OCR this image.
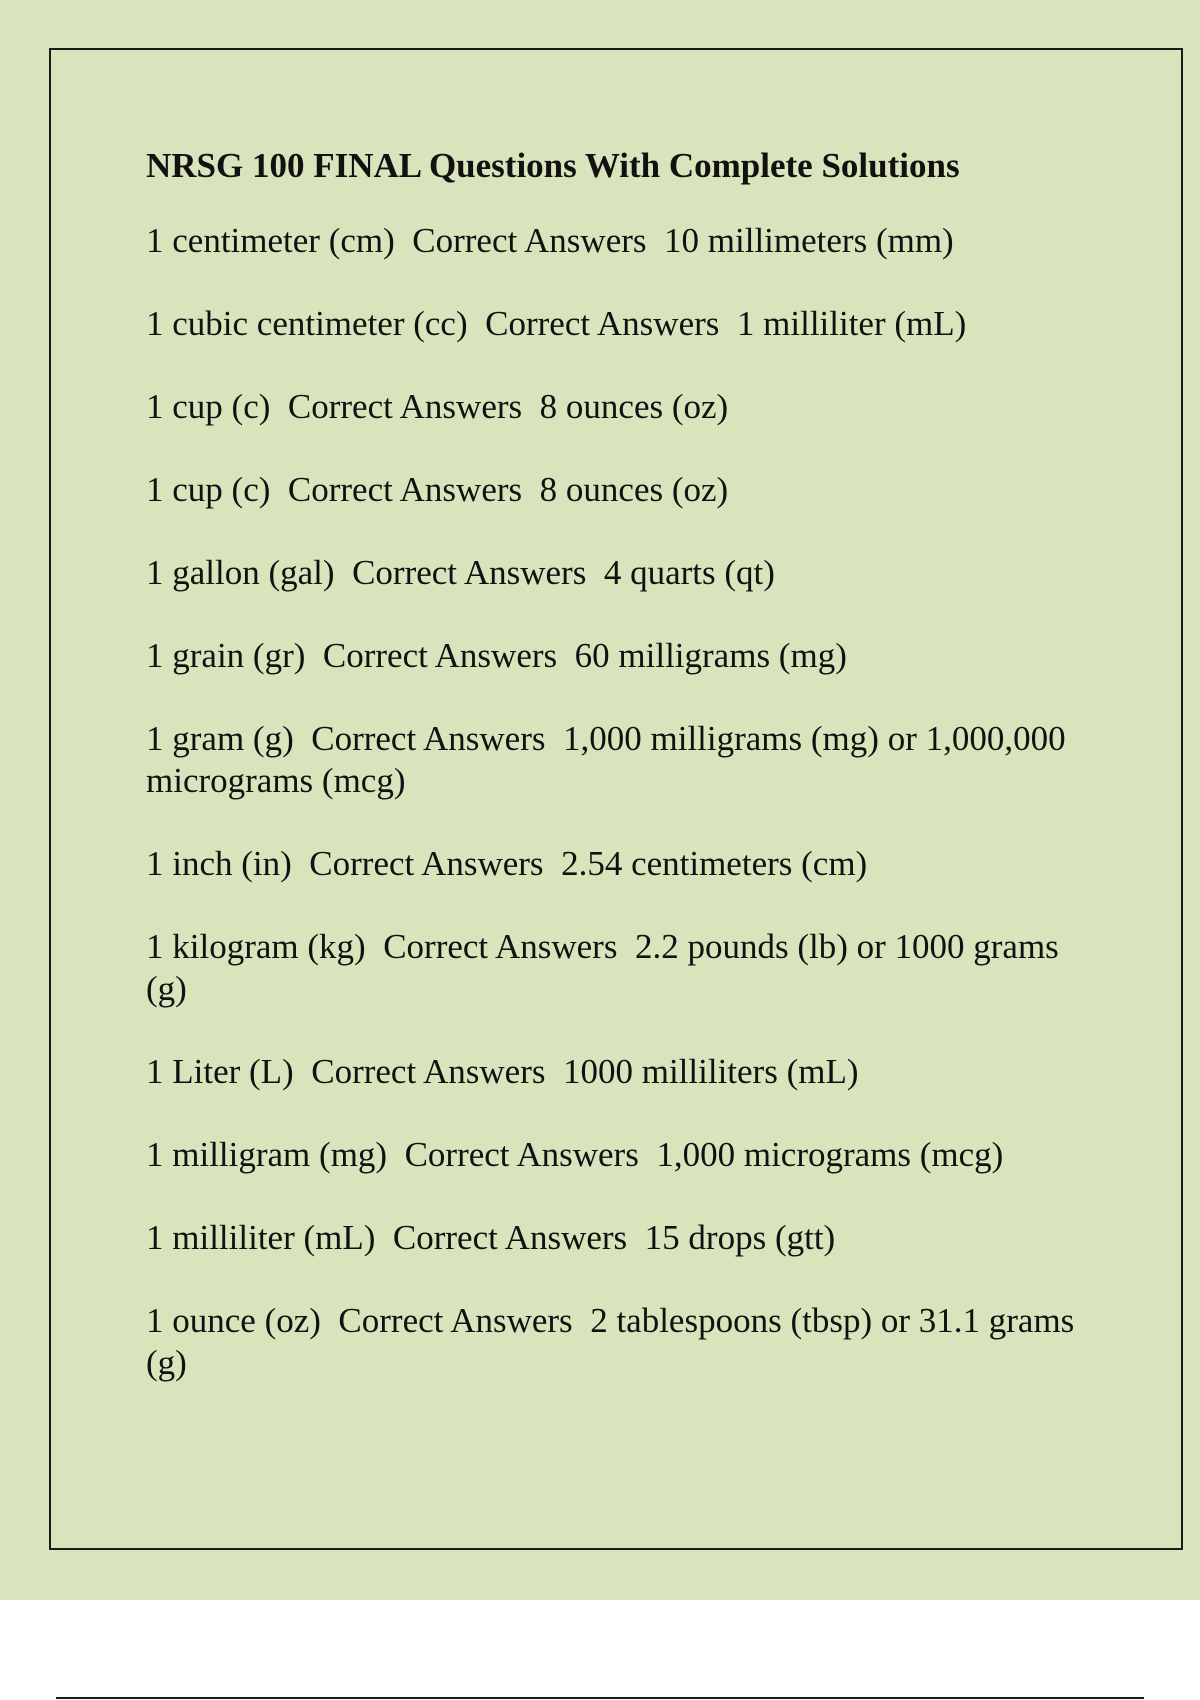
NRSG 100 FINAL Questions With Complete Solutions
1 centimeter (cm) Correct Answers 10 millimeters (mm)
1 cubic centimeter (cc) Correct Answers 1 milliliter (mL)
1 cup (c) Correct Answers 8 ounces (oz)
1 cup (c) Correct Answers 8 ounces (oz)
1 gallon (gal) Correct Answers 4 quarts (qt)
1 grain (gr) Correct Answers 60 milligrams (mg)
1 gram (g) Correct Answers 1,000 milligrams (mg) or 1,000,000 micrograms (mcg)
1 inch (in) Correct Answers 2.54 centimeters (cm)
1 kilogram (kg) Correct Answers 2.2 pounds (lb) or 1000 grams (g)
1 Liter (L) Correct Answers 1000 milliliters (mL)
1 milligram (mg) Correct Answers 1,000 micrograms (mcg)
1 milliliter (mL) Correct Answers 15 drops (gtt)
1 ounce (oz) Correct Answers 2 tablespoons (tbsp) or 31.1 grams (g)
